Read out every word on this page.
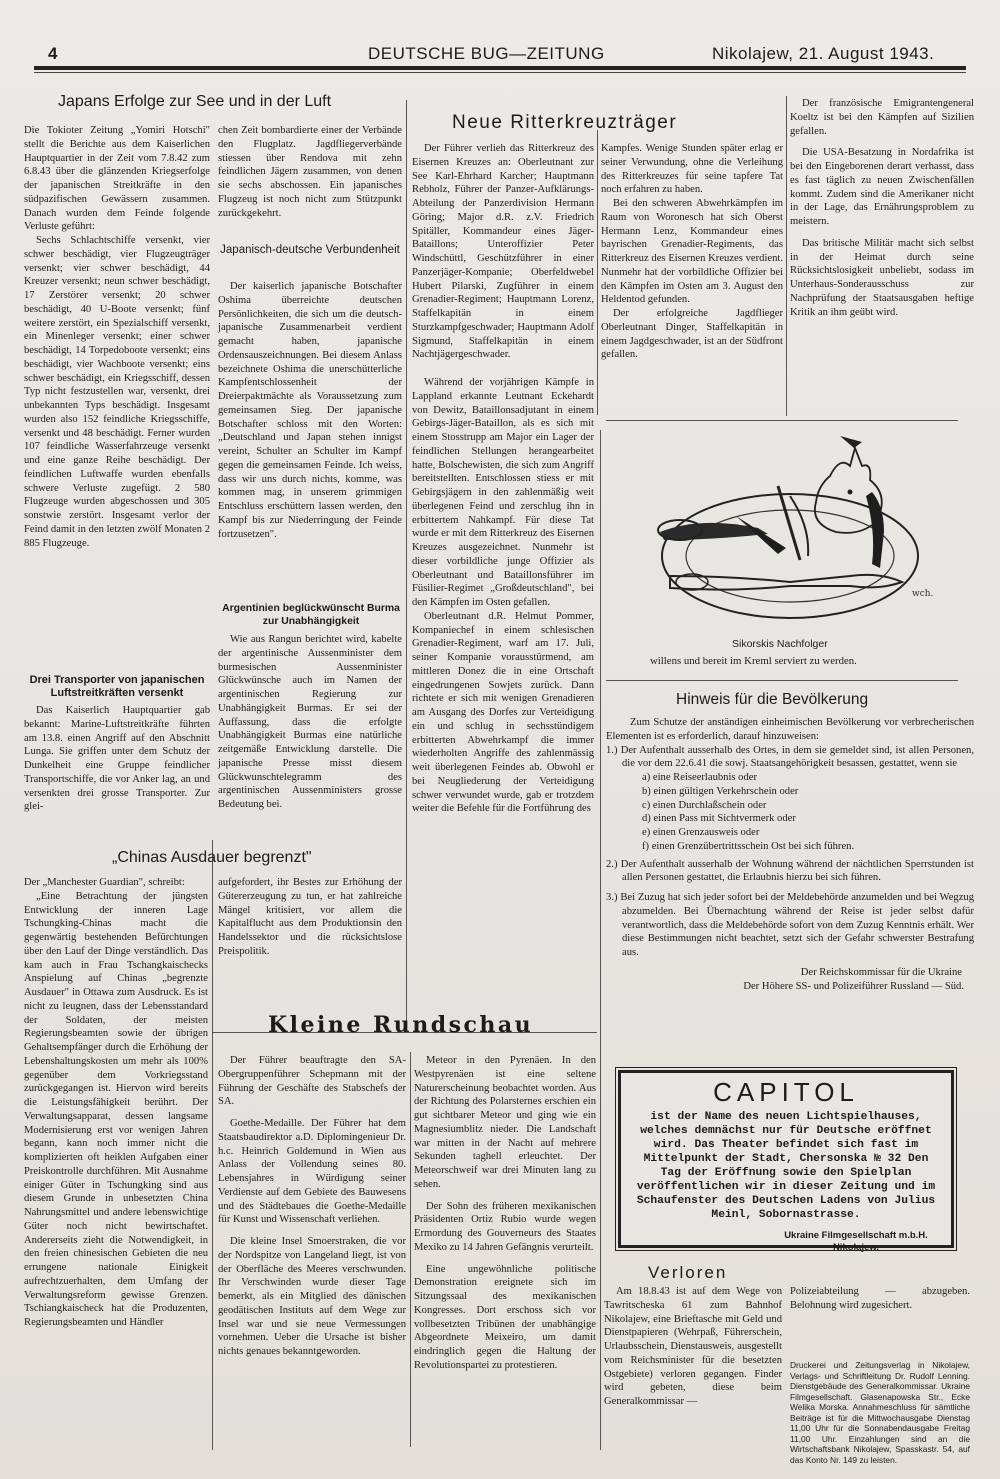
4	DEUTSCHE BUG—ZEITUNG	Nikolajew, 21. August 1943.
Japans Erfolge zur See und in der Luft

Die Tokioter Zeitung „Yomiri Hotschi" stellt die Berichte aus dem Kaiserlichen Hauptquartier in der Zeit vom 7.8.42 zum 6.8.43 über die glänzenden Kriegserfolge der japanischen Streitkräfte in den südpazifischen Gewässern zusammen. Danach wurden dem Feinde folgende Verluste geführt:

Sechs Schlachtschiffe versenkt, vier schwer beschädigt, vier Flugzeugträger versenkt; vier schwer beschädigt, 44 Kreuzer versenkt; neun schwer beschädigt, 17 Zerstörer versenkt; 20 schwer beschädigt, 40 U-Boote versenkt; fünf weitere zerstört, ein Spezialschiff versenkt, ein Minenleger versenkt; einer schwer beschädigt, 14 Torpedoboote versenkt; eins beschädigt, vier Wachboote versenkt; eins schwer beschädigt, ein Kriegsschiff, dessen Typ nicht festzustellen war, versenkt, drei unbekannten Typs beschädigt. Insgesamt wurden also 152 feindliche Kriegsschiffe, versenkt und 48 beschädigt. Ferner wurden 107 feindliche Wasserfahrzeuge versenkt und eine ganze Reihe beschädigt. Der feindlichen Luftwaffe wurden ebenfalls schwere Verluste zugefügt. 2 580 Flugzeuge wurden abgeschossen und 305 sonstwie zerstört. Insgesamt verlor der Feind damit in den letzten zwölf Monaten 2 885 Flugzeuge.

Drei Transporter von japanischen Luftstreitkräften versenkt

Das Kaiserlich Hauptquartier gab bekannt: Marine-Luftstreitkräfte führten am 13.8. einen Angriff auf den Abschnitt Lunga. Sie griffen unter dem Schutz der Dunkelheit eine Gruppe feindlicher Transportschiffe, die vor Anker lag, an und versenkten drei grosse Transporter. Zur glei-

chen Zeit bombardierte einer der Verbände den Flugplatz. Jagdfliegerverbände stiessen über Rendova mit zehn feindlichen Jägern zusammen, von denen sie sechs abschossen. Ein japanisches Flugzeug ist noch nicht zum Stützpunkt zurückgekehrt.

Japanisch-deutsche Verbundenheit

Der kaiserlich japanische Botschafter Oshima überreichte deutschen Persönlichkeiten, die sich um die deutsch-japanische Zusammenarbeit verdient gemacht haben, japanische Ordensauszeichnungen. Bei diesem Anlass bezeichnete Oshima die unerschütterliche Kampfentschlossenheit der Dreierpaktmächte als Voraussetzung zum gemeinsamen Sieg. Der japanische Botschafter schloss mit den Worten: „Deutschland und Japan stehen innigst vereint, Schulter an Schulter im Kampf gegen die gemeinsamen Feinde. Ich weiss, dass wir uns durch nichts, komme, was kommen mag, in unserem grimmigen Entschluss erschüttern lassen werden, den Kampf bis zur Niederringung der Feinde fortzusetzen".

Argentinien beglückwünscht Burma zur Unabhängigkeit

Wie aus Rangun berichtet wird, kabelte der argentinische Aussenminister dem burmesischen Aussenminister Glückwünsche auch im Namen der argentinischen Regierung zur Unabhängigkeit Burmas. Er sei der Auffassung, dass die erfolgte Unabhängigkeit Burmas eine natürliche zeitgemäße Entwicklung darstelle. Die japanische Presse misst diesem Glückwunschtelegramm des argentinischen Aussenministers grosse Bedeutung bei.

„Chinas Ausdauer begrenzt"

Der „Manchester Guardian", schreibt:

„Eine Betrachtung der jüngsten Entwicklung der inneren Lage Tschungking-Chinas macht die gegenwärtig bestehenden Befürchtungen über den Lauf der Dinge verständlich. Das kam auch in Frau Tschangkaischecks Anspielung auf Chinas „begrenzte Ausdauer" in Ottawa zum Ausdruck. Es ist nicht zu leugnen, dass der Lebensstandard der Soldaten, der meisten Regierungsbeamten sowie der übrigen Gehaltsempfänger durch die Erhöhung der Lebenshaltungskosten um mehr als 100% gegenüber dem Vorkriegsstand zurückgegangen ist. Hiervon wird bereits die Leistungsfähigkeit berührt. Der Verwaltungsapparat, dessen langsame Modernisierung erst vor wenigen Jahren begann, kann noch immer nicht die komplizierten oft heiklen Aufgaben einer Preiskontrolle durchführen. Mit Ausnahme einiger Güter in Tschungking sind aus diesem Grunde in unbesetzten China Nahrungsmittel und andere lebenswichtige Güter noch nicht bewirtschaftet. Andererseits zieht die Notwendigkeit, in den freien chinesischen Gebieten die neu errungene nationale Einigkeit aufrechtzuerhalten, dem Umfang der Verwaltungsreform gewisse Grenzen. Tschiangkaischeck hat die Produzenten, Regierungsbeamten und Händler

aufgefordert, ihr Bestes zur Erhöhung der Gütererzeugung zu tun, er hat zahlreiche Mängel kritisiert, vor allem die Kapitalflucht aus dem Produktionsin den Handelssektor und die rücksichtslose Preispolitik.

Neue Ritterkreuzträger

Der Führer verlieh das Ritterkreuz des Eisernen Kreuzes an: Oberleutnant zur See Karl-Ehrhard Karcher; Hauptmann Rebholz, Führer der Panzer-Aufklärungs-Abteilung der Panzerdivision Hermann Göring; Major d.R. z.V. Friedrich Spitäller, Kommandeur eines Jäger-Bataillons; Unteroffizier Peter Windschüttl, Geschützführer in einer Panzerjäger-Kompanie; Oberfeldwebel Hubert Pilarski, Zugführer in einem Grenadier-Regiment; Hauptmann Lorenz, Staffelkapitän in einem Sturzkampfgeschwader; Hauptmann Adolf Sigmund, Staffelkapitän in einem Nachtjägergeschwader.

Während der vorjährigen Kämpfe in Lappland erkannte Leutnant Eckehardt von Dewitz, Bataillonsadjutant in einem Gebirgs-Jäger-Bataillon, als es sich mit einem Stosstrupp am Major ein Lager der feindlichen Stellungen herangearbeitet hatte, Bolschewisten, die sich zum Angriff bereitstellten. Entschlossen stiess er mit Gebirgsjägern in den zahlenmäßig weit überlegenen Feind und zerschlug ihn in erbittertem Nahkampf. Für diese Tat wurde er mit dem Ritterkreuz des Eisernen Kreuzes ausgezeichnet. Nunmehr ist dieser vorbildliche junge Offizier als Oberleutnant und Bataillonsführer im Füsilier-Regimet „Großdeutschland", bei den Kämpfen im Osten gefallen.

Oberleutnant d.R. Helmut Pommer, Kompaniechef in einem schlesischen Grenadier-Regiment, warf am 17. Juli, seiner Kompanie vorausstürmend, am mittleren Donez die in eine Ortschaft eingedrungenen Sowjets zurück. Dann richtete er sich mit wenigen Grenadieren am Ausgang des Dorfes zur Verteidigung ein und schlug in sechsstündigem erbitterten Abwehrkampf die immer wiederholten Angriffe des zahlenmässig weit überlegenen Feindes ab. Obwohl er bei Neugliederung der Verteidigung schwer verwundet wurde, gab er trotzdem weiter die Befehle für die Fortführung des

Kampfes. Wenige Stunden später erlag er seiner Verwundung, ohne die Verleihung des Ritterkreuzes für seine tapfere Tat noch erfahren zu haben.

Bei den schweren Abwehrkämpfen im Raum von Woronesch hat sich Oberst Hermann Lenz, Kommandeur eines bayrischen Grenadier-Regiments, das Ritterkreuz des Eisernen Kreuzes verdient. Nunmehr hat der vorbildliche Offizier bei den Kämpfen im Osten am 3. August den Heldentod gefunden.

Der erfolgreiche Jagdflieger Oberleutnant Dinger, Staffelkapitän in einem Jagdgeschwader, ist an der Südfront gefallen.

Der französische Emigrantengeneral Koeltz ist bei den Kämpfen auf Sizilien gefallen.

Die USA-Besatzung in Nordafrika ist bei den Eingeborenen derart verhasst, dass es fast täglich zu neuen Zwischenfällen kommt. Zudem sind die Amerikaner nicht in der Lage, das Ernährungsproblem zu meistern.

Das britische Militär macht sich selbst in der Heimat durch seine Rücksichtslosigkeit unbeliebt, sodass im Unterhaus-Sonderausschuss zur Nachprüfung der Staatsausgaben heftige Kritik an ihm geübt wird.

wch.
Sikorskis Nachfolger
willens und bereit im Kreml serviert zu werden.
Hinweis für die Bevölkerung
Zum Schutze der anständigen einheimischen Bevölkerung vor verbrecherischen Elementen ist es erforderlich, darauf hinzuweisen:
1.) Der Aufenthalt ausserhalb des Ortes, in dem sie gemeldet sind, ist allen Personen, die vor dem 22.6.41 die sowj. Staatsangehörigkeit besassen, gestattet, wenn sie
a) eine Reiseerlaubnis oder
b) einen gültigen Verkehrschein oder
c) einen Durchlaßschein oder
d) einen Pass mit Sichtvermerk oder
e) einen Grenzausweis oder
f) einen Grenzübertrittsschein Ost bei sich führen.
2.) Der Aufenthalt ausserhalb der Wohnung während der nächtlichen Sperrstunden ist allen Personen gestattet, die Erlaubnis hierzu bei sich führen.
3.) Bei Zuzug hat sich jeder sofort bei der Meldebehörde anzumelden und bei Wegzug abzumelden. Bei Übernachtung während der Reise ist jeder selbst dafür verantwortlich, dass die Meldebehörde sofort von dem Zuzug Kenntnis erhält. Wer diese Bestimmungen nicht beachtet, setzt sich der Gefahr schwerster Bestrafung aus.
Der Reichskommissar für die Ukraine
Der Höhere SS- und Polizeiführer Russland — Süd.
Kleine Rundschau

Der Führer beauftragte den SA-Obergruppenführer Schepmann mit der Führung der Geschäfte des Stabschefs der SA.

Goethe-Medaille. Der Führer hat dem Staatsbaudirektor a.D. Diplomingenieur Dr. h.c. Heinrich Goldemund in Wien aus Anlass der Vollendung seines 80. Lebensjahres in Würdigung seiner Verdienste auf dem Gebiete des Bauwesens und des Städtebaues die Goethe-Medaille für Kunst und Wissenschaft verliehen.

Die kleine Insel Smoerstraken, die vor der Nordspitze von Langeland liegt, ist von der Oberfläche des Meeres verschwunden. Ihr Verschwinden wurde dieser Tage bemerkt, als ein Mitglied des dänischen geodätischen Instituts auf dem Wege zur Insel war und sie neue Vermessungen vornehmen. Ueber die Ursache ist bisher nichts genaues bekanntgeworden.

Meteor in den Pyrenäen. In den Westpyrenäen ist eine seltene Naturerscheinung beobachtet worden. Aus der Richtung des Polarsternes erschien ein gut sichtbarer Meteor und ging wie ein Magnesiumblitz nieder. Die Landschaft war mitten in der Nacht auf mehrere Sekunden taghell erleuchtet. Der Meteorschweif war drei Minuten lang zu sehen.

Der Sohn des früheren mexikanischen Präsidenten Ortiz Rubio wurde wegen Ermordung des Gouverneurs des Staates Mexiko zu 14 Jahren Gefängnis verurteilt.

Eine ungewöhnliche politische Demonstration ereignete sich im Sitzungssaal des mexikanischen Kongresses. Dort erschoss sich vor vollbesetzten Tribünen der unabhängige Abgeordnete Meixeiro, um damit eindringlich gegen die Haltung der Revolutionspartei zu protestieren.

CAPITOL
ist der Name des neuen Lichtspielhauses, welches demnächst nur für Deutsche eröffnet wird. Das Theater befindet sich fast im Mittelpunkt der Stadt, Chersonska № 32 Den Tag der Eröffnung sowie den Spielplan veröffentlichen wir in dieser Zeitung und im Schaufenster des Deutschen Ladens von Julius Meinl, Sobornastrasse.
Ukraine Filmgesellschaft m.b.H. Nikolajew.
Verloren

Am 18.8.43 ist auf dem Wege von Tawritscheska 61 zum Bahnhof Nikolajew, eine Brieftasche mit Geld und Dienstpapieren (Wehrpaß, Führerschein, Urlaubsschein, Dienstausweis, ausgestellt vom Reichsminister für die besetzten Ostgebiete) verloren gegangen. Finder wird gebeten, diese beim Generalkommissar —

Polizeiabteilung — abzugeben. Belohnung wird zugesichert.

Druckerei und Zeitungsverlag in Nikolajew, Verlags- und Schriftleitung Dr. Rudolf Lenning. Dienstgebäude des Generalkommissar. Ukraine Filmgesellschaft. Glasenapowska Str., Ecke Welika Morska. Annahmeschluss für sämtliche Beiträge ist für die Mittwochausgabe Dienstag 11,00 Uhr für die Sonnabendausgabe Freitag 11,00 Uhr. Einzahlungen sind an die Wirtschaftsbank Nikolajew, Spasskastr. 54, auf das Konto Nr. 149 zu leisten.
